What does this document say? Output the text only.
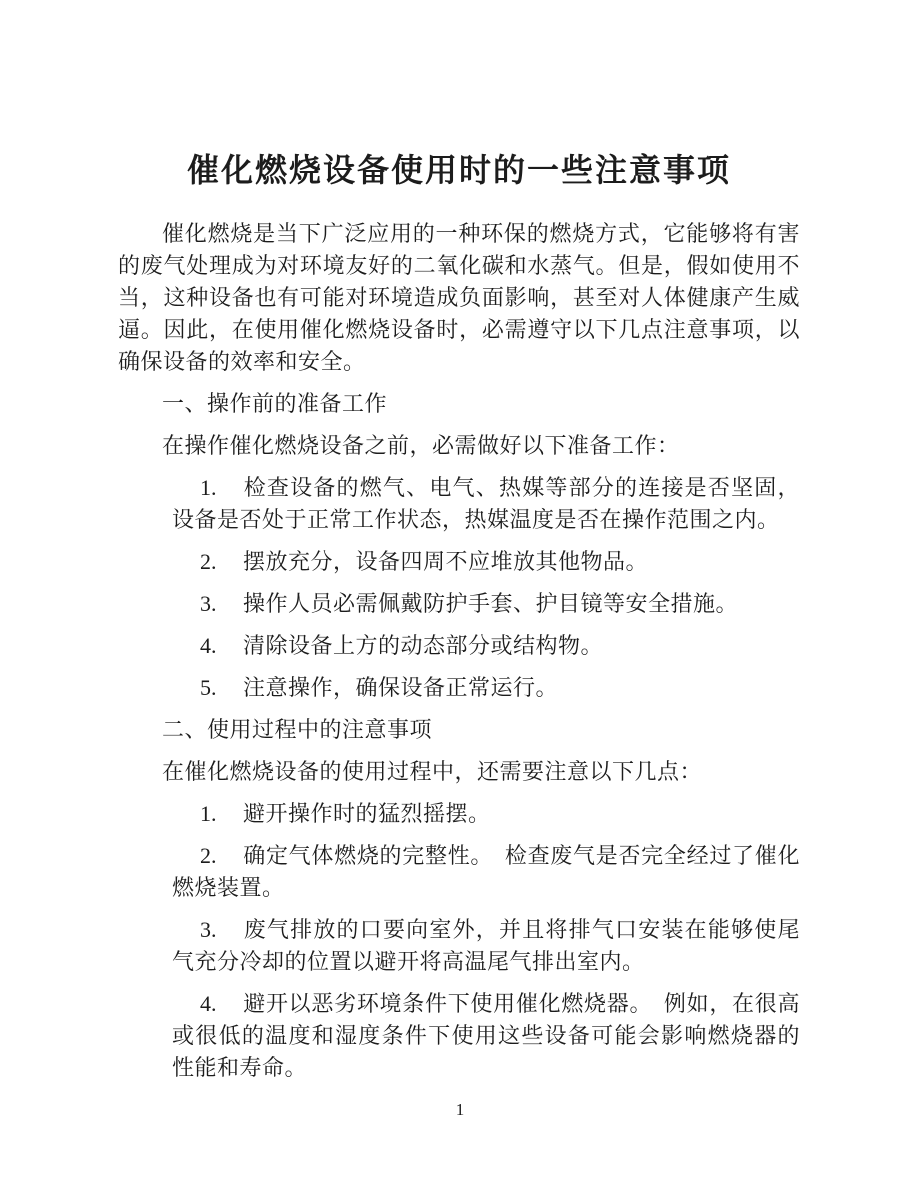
催化燃烧设备使用时的一些注意事项

催化燃烧是当下广泛应用的一种环保的燃烧方式，它能够将有害的废气处理成为对环境友好的二氧化碳和水蒸气。但是，假如使用不当，这种设备也有可能对环境造成负面影响，甚至对人体健康产生威逼。因此，在使用催化燃烧设备时，必需遵守以下几点注意事项，以确保设备的效率和安全。

一、操作前的准备工作

在操作催化燃烧设备之前，必需做好以下准备工作：

1. 检查设备的燃气、电气、热媒等部分的连接是否坚固，设备是否处于正常工作状态，热媒温度是否在操作范围之内。

2. 摆放充分，设备四周不应堆放其他物品。

3. 操作人员必需佩戴防护手套、护目镜等安全措施。

4. 清除设备上方的动态部分或结构物。

5. 注意操作，确保设备正常运行。

二、使用过程中的注意事项

在催化燃烧设备的使用过程中，还需要注意以下几点：

1. 避开操作时的猛烈摇摆。

2. 确定气体燃烧的完整性。　检查废气是否完全经过了催化燃烧装置。

3. 废气排放的口要向室外，并且将排气口安装在能够使尾气充分冷却的位置以避开将高温尾气排出室内。

4. 避开以恶劣环境条件下使用催化燃烧器。　例如，在很高或很低的温度和湿度条件下使用这些设备可能会影响燃烧器的性能和寿命。

1
